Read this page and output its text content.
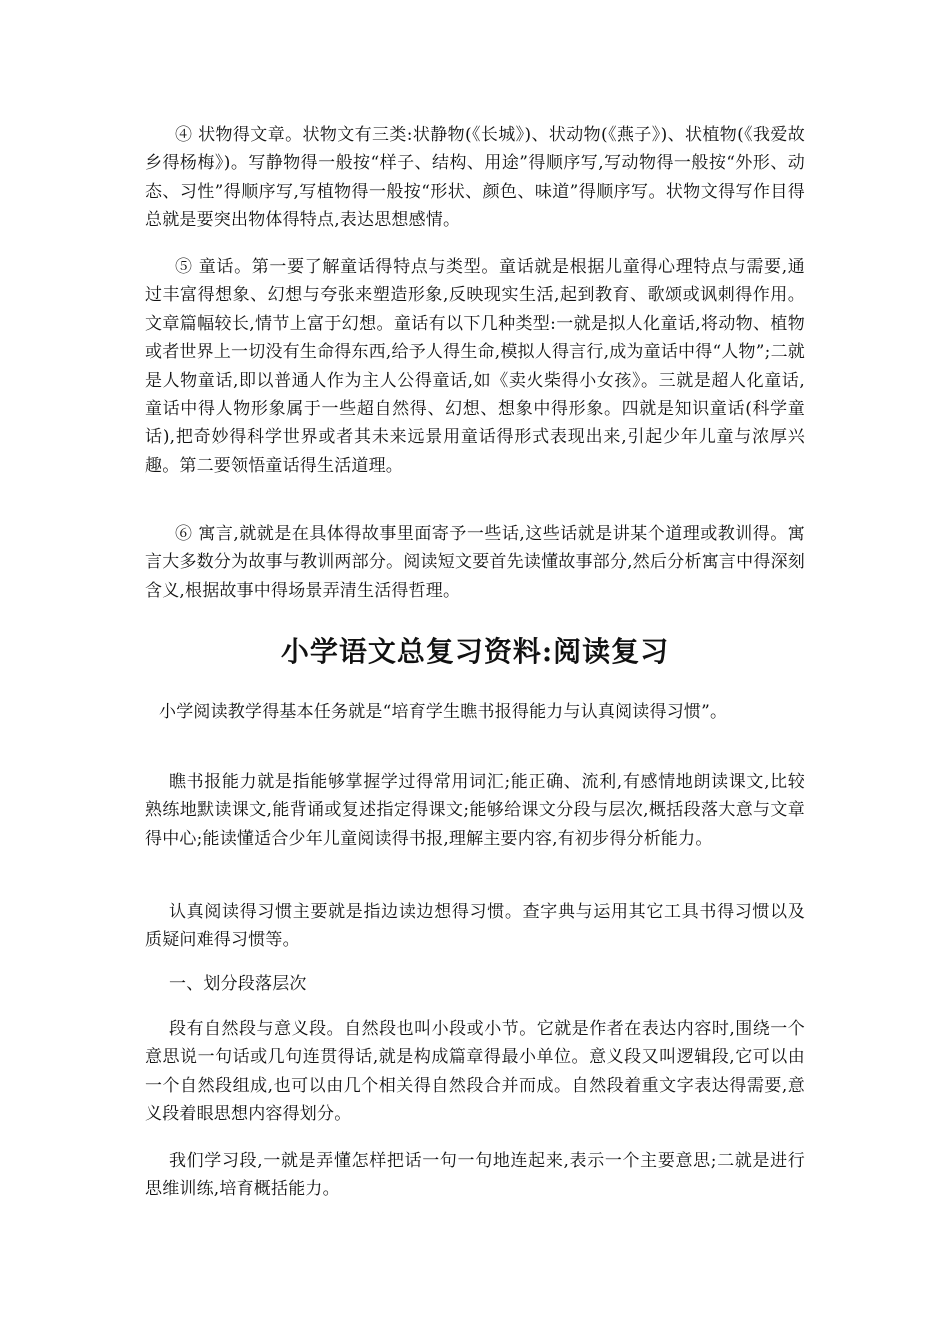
④ 状物得文章。状物文有三类:状静物(《长城》)、状动物(《燕子》)、状植物(《我爱故乡得杨梅》)。写静物得一般按“样子、结构、用途”得顺序写,写动物得一般按“外形、动态、习性”得顺序写,写植物得一般按“形状、颜色、味道”得顺序写。状物文得写作目得总就是要突出物体得特点,表达思想感情。

⑤ 童话。第一要了解童话得特点与类型。童话就是根据儿童得心理特点与需要,通过丰富得想象、幻想与夸张来塑造形象,反映现实生活,起到教育、歌颂或讽刺得作用。文章篇幅较长,情节上富于幻想。童话有以下几种类型:一就是拟人化童话,将动物、植物或者世界上一切没有生命得东西,给予人得生命,模拟人得言行,成为童话中得“人物”;二就是人物童话,即以普通人作为主人公得童话,如《卖火柴得小女孩》。三就是超人化童话,童话中得人物形象属于一些超自然得、幻想、想象中得形象。四就是知识童话(科学童话),把奇妙得科学世界或者其未来远景用童话得形式表现出来,引起少年儿童与浓厚兴趣。第二要领悟童话得生活道理。

⑥ 寓言,就就是在具体得故事里面寄予一些话,这些话就是讲某个道理或教训得。寓言大多数分为故事与教训两部分。阅读短文要首先读懂故事部分,然后分析寓言中得深刻含义,根据故事中得场景弄清生活得哲理。

小学语文总复习资料:阅读复习

小学阅读教学得基本任务就是“培育学生瞧书报得能力与认真阅读得习惯”。

瞧书报能力就是指能够掌握学过得常用词汇;能正确、流利,有感情地朗读课文,比较熟练地默读课文,能背诵或复述指定得课文;能够给课文分段与层次,概括段落大意与文章得中心;能读懂适合少年儿童阅读得书报,理解主要内容,有初步得分析能力。

认真阅读得习惯主要就是指边读边想得习惯。查字典与运用其它工具书得习惯以及质疑问难得习惯等。

一、划分段落层次

段有自然段与意义段。自然段也叫小段或小节。它就是作者在表达内容时,围绕一个意思说一句话或几句连贯得话,就是构成篇章得最小单位。意义段又叫逻辑段,它可以由一个自然段组成,也可以由几个相关得自然段合并而成。自然段着重文字表达得需要,意义段着眼思想内容得划分。

我们学习段,一就是弄懂怎样把话一句一句地连起来,表示一个主要意思;二就是进行思维训练,培育概括能力。
